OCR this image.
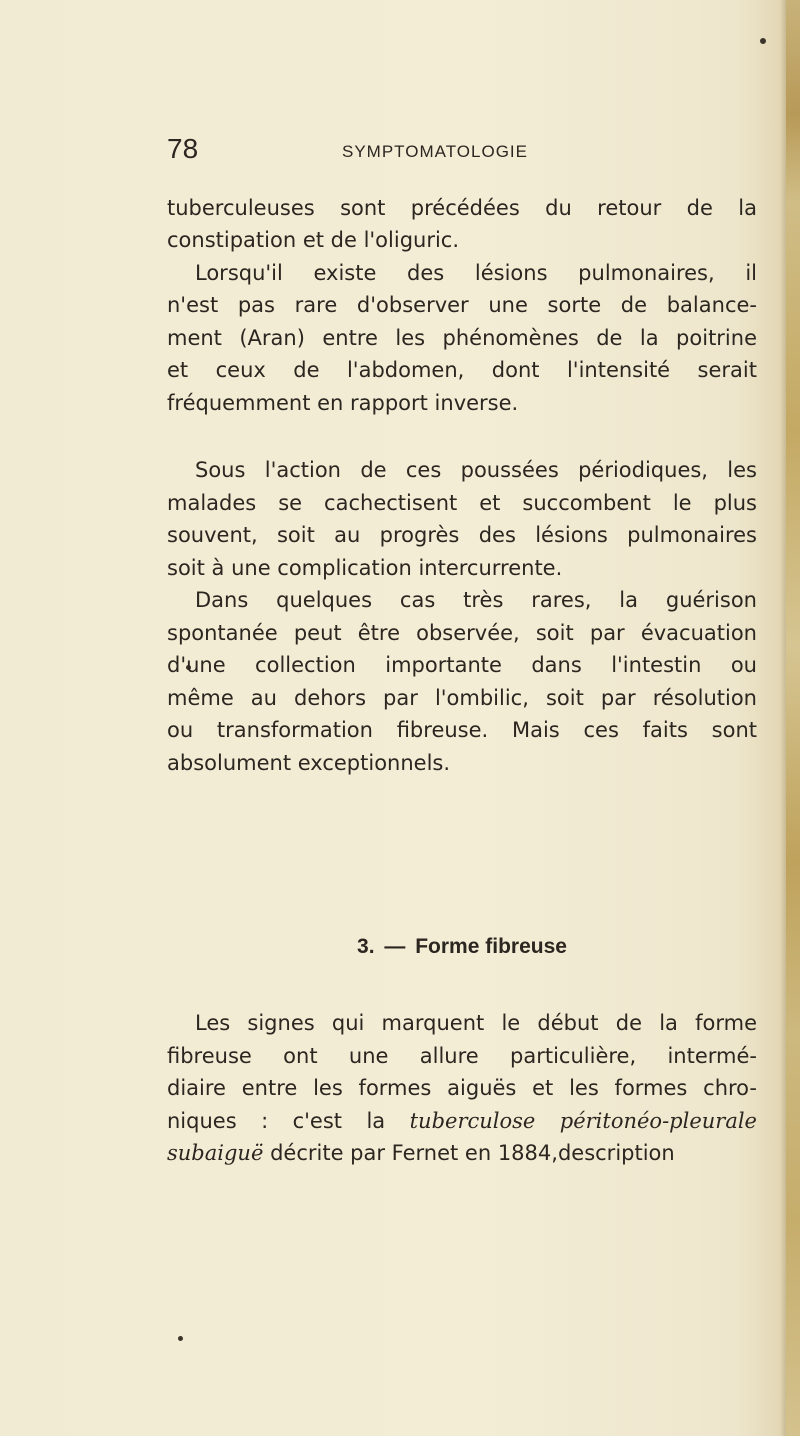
78	SYMPTOMATOLOGIE
tuberculeuses sont précédées du retour de la
constipation et de l'oliguric.
Lorsqu'il existe des lésions pulmonaires, il
n'est pas rare d'observer une sorte de balance-
ment (Aran) entre les phénomènes de la poitrine
et ceux de l'abdomen, dont l'intensité serait
fréquemment en rapport inverse.
Sous l'action de ces poussées périodiques, les
malades se cachectisent et succombent le plus
souvent, soit au progrès des lésions pulmonaires
soit à une complication intercurrente.
Dans quelques cas très rares, la guérison
spontanée peut être observée, soit par évacuation
d'une collection importante dans l'intestin ou
même au dehors par l'ombilic, soit par résolution
ou transformation fibreuse. Mais ces faits sont
absolument exceptionnels.
3. — Forme fibreuse
Les signes qui marquent le début de la forme
fibreuse ont une allure particulière, intermé-
diaire entre les formes aiguës et les formes chro-
niques : c'est la tuberculose péritonéo-pleurale
subaiguë décrite par Fernet en 1884,description
